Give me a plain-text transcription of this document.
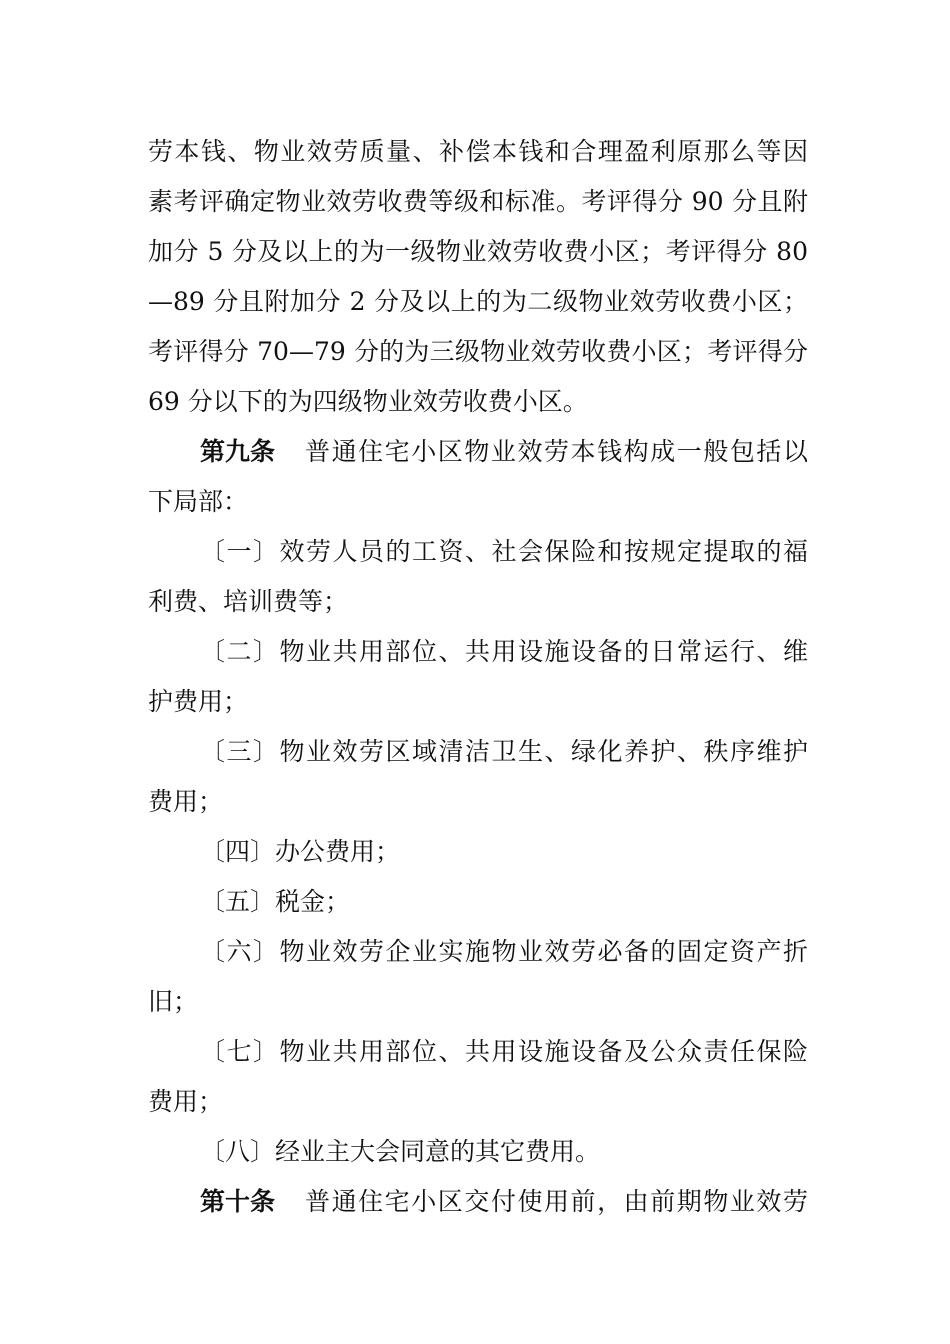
劳本钱、物业效劳质量、补偿本钱和合理盈利原那么等因
素考评确定物业效劳收费等级和标准。考评得分 90 分且附
加分 5 分及以上的为一级物业效劳收费小区；考评得分 80
—89 分且附加分 2 分及以上的为二级物业效劳收费小区；
考评得分 70—79 分的为三级物业效劳收费小区；考评得分
69 分以下的为四级物业效劳收费小区。
第九条 普通住宅小区物业效劳本钱构成一般包括以
下局部：
〔一〕效劳人员的工资、社会保险和按规定提取的福
利费、培训费等；
〔二〕物业共用部位、共用设施设备的日常运行、维
护费用；
〔三〕物业效劳区域清洁卫生、绿化养护、秩序维护
费用；
〔四〕办公费用；
〔五〕税金；
〔六〕物业效劳企业实施物业效劳必备的固定资产折
旧；
〔七〕物业共用部位、共用设施设备及公众责任保险
费用；
〔八〕经业主大会同意的其它费用。
第十条 普通住宅小区交付使用前，由前期物业效劳
